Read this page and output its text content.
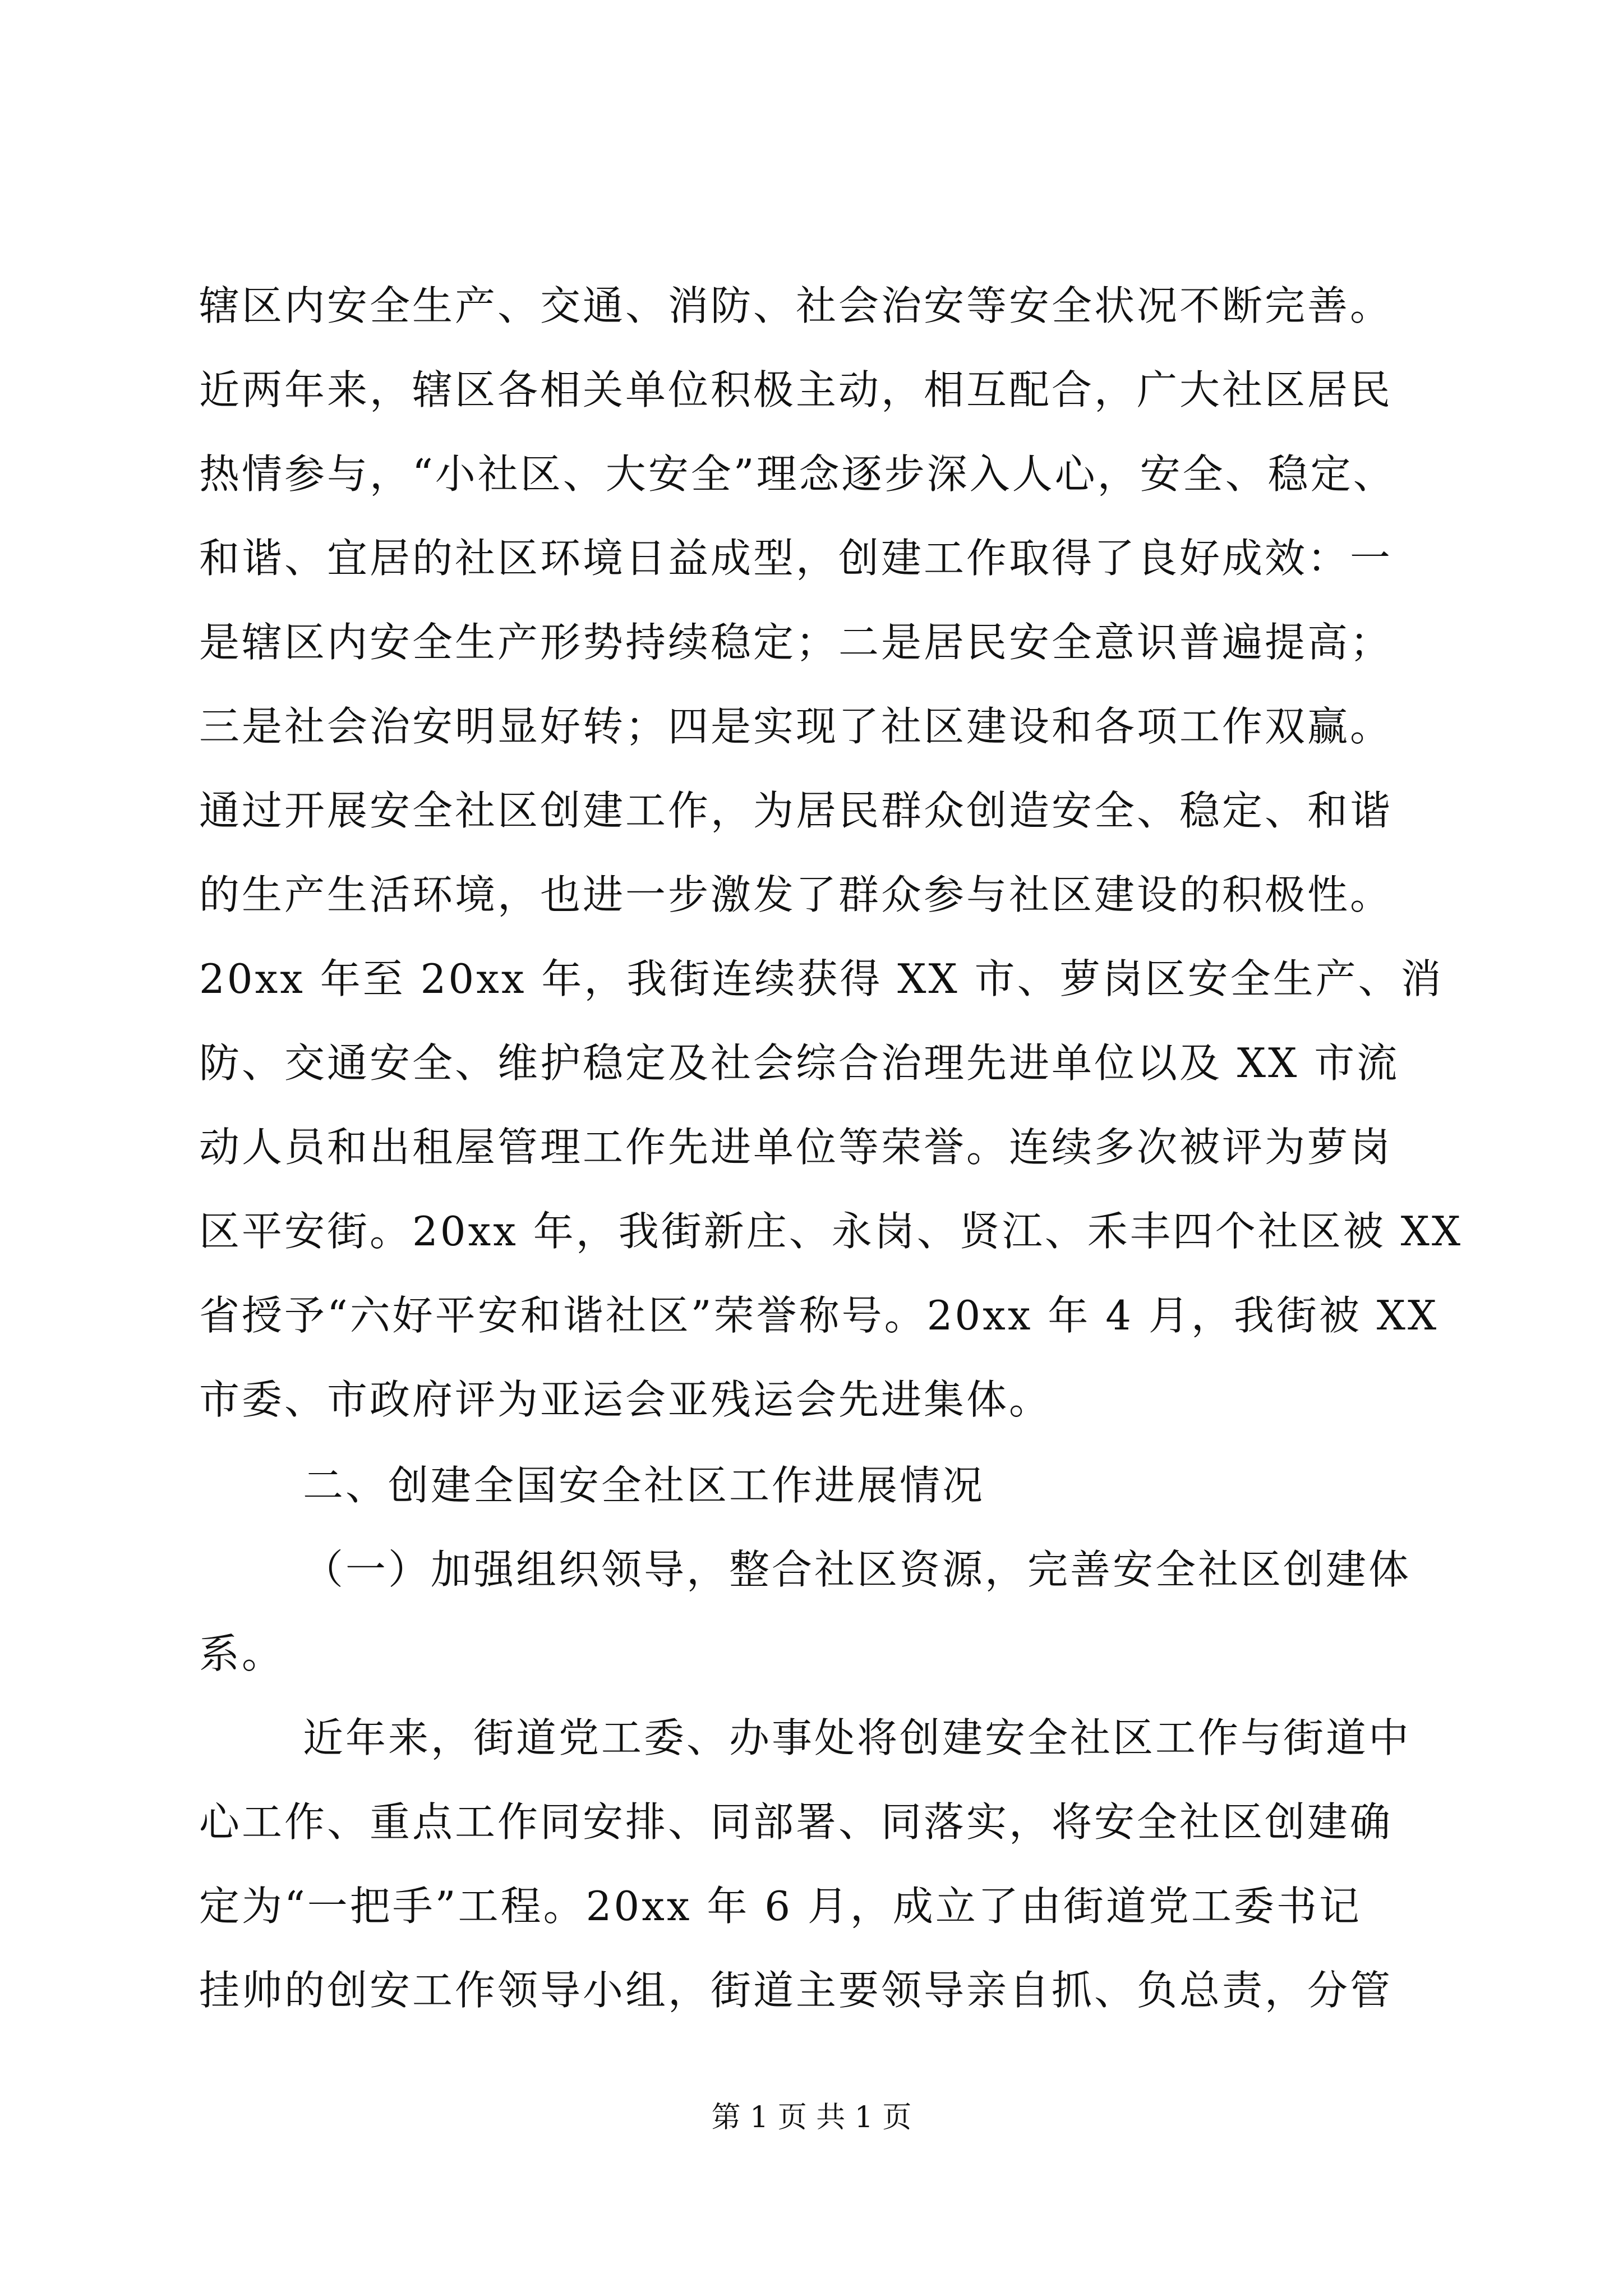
辖区内安全生产、交通、消防、社会治安等安全状况不断完善。
近两年来，辖区各相关单位积极主动，相互配合，广大社区居民
热情参与，“小社区、大安全”理念逐步深入人心，安全、稳定、
和谐、宜居的社区环境日益成型，创建工作取得了良好成效：一
是辖区内安全生产形势持续稳定；二是居民安全意识普遍提高；
三是社会治安明显好转；四是实现了社区建设和各项工作双赢。
通过开展安全社区创建工作，为居民群众创造安全、稳定、和谐
的生产生活环境，也进一步激发了群众参与社区建设的积极性。
20xx 年至 20xx 年，我街连续获得 XX 市、萝岗区安全生产、消
防、交通安全、维护稳定及社会综合治理先进单位以及 XX 市流
动人员和出租屋管理工作先进单位等荣誉。连续多次被评为萝岗
区平安街。20xx 年，我街新庄、永岗、贤江、禾丰四个社区被 XX
省授予“六好平安和谐社区”荣誉称号。20xx 年 4 月，我街被 XX
市委、市政府评为亚运会亚残运会先进集体。
二、创建全国安全社区工作进展情况
（一）加强组织领导，整合社区资源，完善安全社区创建体
系。
近年来，街道党工委、办事处将创建安全社区工作与街道中
心工作、重点工作同安排、同部署、同落实，将安全社区创建确
定为“一把手”工程。20xx 年 6 月，成立了由街道党工委书记
挂帅的创安工作领导小组，街道主要领导亲自抓、负总责，分管
第 1 页 共 1 页
